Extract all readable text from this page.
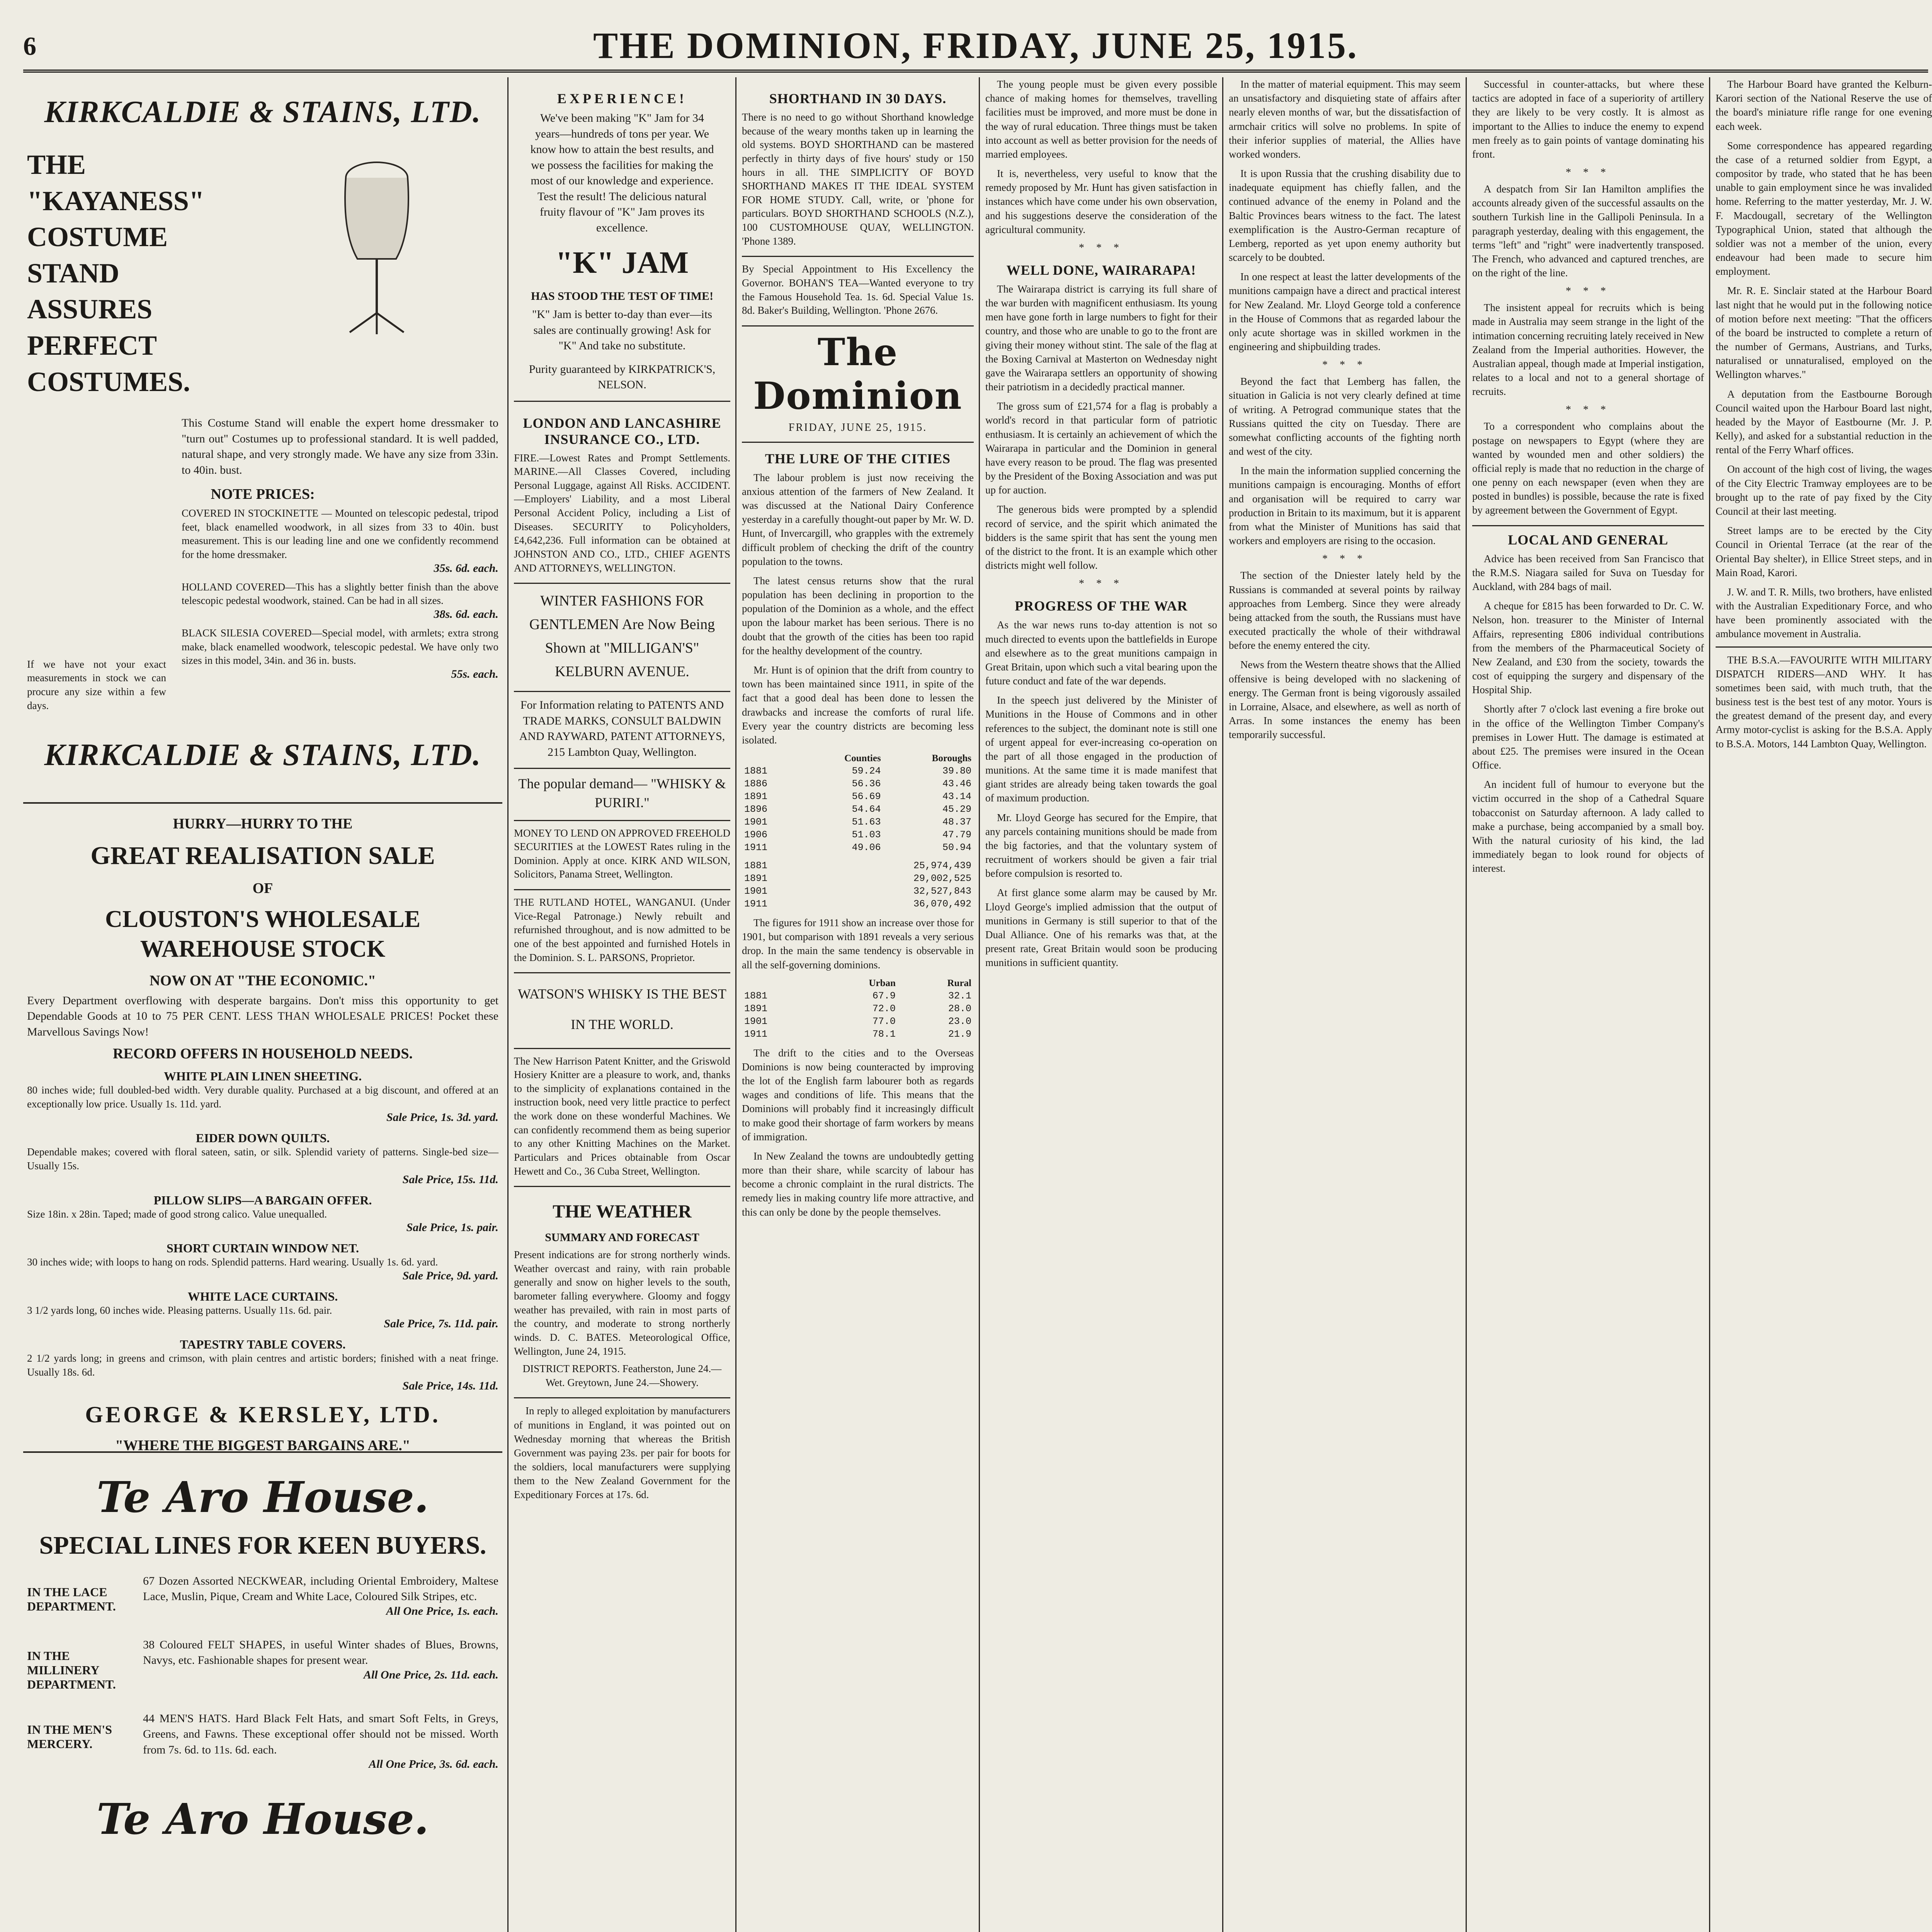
6	THE DOMINION, FRIDAY, JUNE 25, 1915.
KIRKCALDIE & STAINS, LTD.
THE "KAYANESS" COSTUME STAND ASSURES PERFECT COSTUMES.
This Costume Stand will enable the expert home dressmaker to "turn out" Costumes up to professional standard. It is well padded, natural shape, and very strongly made. We have any size from 33in. to 40in. bust.
NOTE PRICES:
COVERED IN STOCKINETTE — Mounted on telescopic pedestal, tripod feet, black enamelled woodwork, in all sizes from 33 to 40in. bust measurement. This is our leading line and one we confidently recommend for the home dressmaker.
35s. 6d. each.
HOLLAND COVERED—This has a slightly better finish than the above telescopic pedestal woodwork, stained. Can be had in all sizes.
38s. 6d. each.
BLACK SILESIA COVERED—Special model, with armlets; extra strong make, black enamelled woodwork, telescopic pedestal. We have only two sizes in this model, 34in. and 36 in. busts.
55s. each.
If we have not your exact measurements in stock we can procure any size within a few days.
KIRKCALDIE & STAINS, LTD.
HURRY—HURRY TO THE
GREAT REALISATION SALE
OF
CLOUSTON'S WHOLESALE WAREHOUSE STOCK
NOW ON AT "THE ECONOMIC."
Every Department overflowing with desperate bargains. Don't miss this opportunity to get Dependable Goods at 10 to 75 PER CENT. LESS THAN WHOLESALE PRICES! Pocket these Marvellous Savings Now!
RECORD OFFERS IN HOUSEHOLD NEEDS.
WHITE PLAIN LINEN SHEETING.
80 inches wide; full doubled-bed width. Very durable quality. Purchased at a big discount, and offered at an exceptionally low price. Usually 1s. 11d. yard.
Sale Price, 1s. 3d. yard.
EIDER DOWN QUILTS.
Dependable makes; covered with floral sateen, satin, or silk. Splendid variety of patterns. Single-bed size—Usually 15s.
Sale Price, 15s. 11d.
PILLOW SLIPS—A BARGAIN OFFER.
Size 18in. x 28in. Taped; made of good strong calico. Value unequalled.
Sale Price, 1s. pair.
SHORT CURTAIN WINDOW NET.
30 inches wide; with loops to hang on rods. Splendid patterns. Hard wearing. Usually 1s. 6d. yard.
Sale Price, 9d. yard.
WHITE LACE CURTAINS.
3 1/2 yards long, 60 inches wide. Pleasing patterns. Usually 11s. 6d. pair.
Sale Price, 7s. 11d. pair.
TAPESTRY TABLE COVERS.
2 1/2 yards long; in greens and crimson, with plain centres and artistic borders; finished with a neat fringe. Usually 18s. 6d.
Sale Price, 14s. 11d.
GEORGE & KERSLEY, LTD.
"WHERE THE BIGGEST BARGAINS ARE."
Te Aro House.
SPECIAL LINES FOR KEEN BUYERS.
IN THE LACE DEPARTMENT.
67 Dozen Assorted NECKWEAR, including Oriental Embroidery, Maltese Lace, Muslin, Pique, Cream and White Lace, Coloured Silk Stripes, etc.
All One Price, 1s. each.
IN THE MILLINERY DEPARTMENT.
38 Coloured FELT SHAPES, in useful Winter shades of Blues, Browns, Navys, etc. Fashionable shapes for present wear.
All One Price, 2s. 11d. each.
IN THE MEN'S MERCERY.
44 MEN'S HATS. Hard Black Felt Hats, and smart Soft Felts, in Greys, Greens, and Fawns. These exceptional offer should not be missed. Worth from 7s. 6d. to 11s. 6d. each.
All One Price, 3s. 6d. each.
Te Aro House.
EXPERIENCE!
We've been making "K" Jam for 34 years—hundreds of tons per year. We know how to attain the best results, and we possess the facilities for making the most of our knowledge and experience. Test the result! The delicious natural fruity flavour of "K" Jam proves its excellence.
"K" JAM
HAS STOOD THE TEST OF TIME!
"K" Jam is better to-day than ever—its sales are continually growing! Ask for "K" And take no substitute.
Purity guaranteed by KIRKPATRICK'S, NELSON.
LONDON AND LANCASHIRE INSURANCE CO., LTD.
FIRE.—Lowest Rates and Prompt Settlements. MARINE.—All Classes Covered, including Personal Luggage, against All Risks. ACCIDENT.—Employers' Liability, and a most Liberal Personal Accident Policy, including a List of Diseases. SECURITY to Policyholders, £4,642,236. Full information can be obtained at JOHNSTON AND CO., LTD., CHIEF AGENTS AND ATTORNEYS, WELLINGTON.
WINTER FASHIONS FOR GENTLEMEN Are Now Being Shown at "MILLIGAN'S" KELBURN AVENUE.
For Information relating to PATENTS AND TRADE MARKS, CONSULT BALDWIN AND RAYWARD, PATENT ATTORNEYS, 215 Lambton Quay, Wellington.
The popular demand— "WHISKY & PURIRI."
MONEY TO LEND ON APPROVED FREEHOLD SECURITIES at the LOWEST Rates ruling in the Dominion. Apply at once. KIRK AND WILSON, Solicitors, Panama Street, Wellington.
THE RUTLAND HOTEL, WANGANUI. (Under Vice-Regal Patronage.) Newly rebuilt and refurnished throughout, and is now admitted to be one of the best appointed and furnished Hotels in the Dominion. S. L. PARSONS, Proprietor.
WATSON'S WHISKY IS THE BEST IN THE WORLD.
The New Harrison Patent Knitter, and the Griswold Hosiery Knitter are a pleasure to work, and, thanks to the simplicity of explanations contained in the instruction book, need very little practice to perfect the work done on these wonderful Machines. We can confidently recommend them as being superior to any other Knitting Machines on the Market. Particulars and Prices obtainable from Oscar Hewett and Co., 36 Cuba Street, Wellington.
THE WEATHER
SUMMARY AND FORECAST
Present indications are for strong northerly winds. Weather overcast and rainy, with rain probable generally and snow on higher levels to the south, barometer falling everywhere. Gloomy and foggy weather has prevailed, with rain in most parts of the country, and moderate to strong northerly winds. D. C. BATES. Meteorological Office, Wellington, June 24, 1915.
DISTRICT REPORTS. Featherston, June 24.—Wet. Greytown, June 24.—Showery.
In reply to alleged exploitation by manufacturers of munitions in England, it was pointed out on Wednesday morning that whereas the British Government was paying 23s. per pair for boots for the soldiers, local manufacturers were supplying them to the New Zealand Government for the Expeditionary Forces at 17s. 6d.
SHORTHAND IN 30 DAYS.
There is no need to go without Shorthand knowledge because of the weary months taken up in learning the old systems. BOYD SHORTHAND can be mastered perfectly in thirty days of five hours' study or 150 hours in all. THE SIMPLICITY OF BOYD SHORTHAND MAKES IT THE IDEAL SYSTEM FOR HOME STUDY. Call, write, or 'phone for particulars. BOYD SHORTHAND SCHOOLS (N.Z.), 100 CUSTOMHOUSE QUAY, WELLINGTON. 'Phone 1389.
By Special Appointment to His Excellency the Governor. BOHAN'S TEA—Wanted everyone to try the Famous Household Tea. 1s. 6d. Special Value 1s. 8d. Baker's Building, Wellington. 'Phone 2676.
The Dominion
FRIDAY, JUNE 25, 1915.
THE LURE OF THE CITIES

The labour problem is just now receiving the anxious attention of the farmers of New Zealand. It was discussed at the National Dairy Conference yesterday in a carefully thought-out paper by Mr. W. D. Hunt, of Invercargill, who grapples with the extremely difficult problem of checking the drift of the country population to the towns.

The latest census returns show that the rural population has been declining in proportion to the population of the Dominion as a whole, and the effect upon the labour market has been serious. There is no doubt that the growth of the cities has been too rapid for the healthy development of the country.

Mr. Hunt is of opinion that the drift from country to town has been maintained since 1911, in spite of the fact that a good deal has been done to lessen the drawbacks and increase the comforts of rural life. Every year the country districts are becoming less isolated.

	Counties	Boroughs
1881	59.24	39.80
1886	56.36	43.46
1891	56.69	43.14
1896	54.64	45.29
1901	51.63	48.37
1906	51.03	47.79
1911	49.06	50.94
1881	25,974,439
1891	29,002,525
1901	32,527,843
1911	36,070,492

The figures for 1911 show an increase over those for 1901, but comparison with 1891 reveals a very serious drop. In the main the same tendency is observable in all the self-governing dominions.

	Urban	Rural
1881	67.9	32.1
1891	72.0	28.0
1901	77.0	23.0
1911	78.1	21.9

The drift to the cities and to the Overseas Dominions is now being counteracted by improving the lot of the English farm labourer both as regards wages and conditions of life. This means that the Dominions will probably find it increasingly difficult to make good their shortage of farm workers by means of immigration.

In New Zealand the towns are undoubtedly getting more than their share, while scarcity of labour has become a chronic complaint in the rural districts. The remedy lies in making country life more attractive, and this can only be done by the people themselves.

The young people must be given every possible chance of making homes for themselves, travelling facilities must be improved, and more must be done in the way of rural education. Three things must be taken into account as well as better provision for the needs of married employees.

It is, nevertheless, very useful to know that the remedy proposed by Mr. Hunt has given satisfaction in instances which have come under his own observation, and his suggestions deserve the consideration of the agricultural community.

* * *
WELL DONE, WAIRARAPA!

The Wairarapa district is carrying its full share of the war burden with magnificent enthusiasm. Its young men have gone forth in large numbers to fight for their country, and those who are unable to go to the front are giving their money without stint. The sale of the flag at the Boxing Carnival at Masterton on Wednesday night gave the Wairarapa settlers an opportunity of showing their patriotism in a decidedly practical manner.

The gross sum of £21,574 for a flag is probably a world's record in that particular form of patriotic enthusiasm. It is certainly an achievement of which the Wairarapa in particular and the Dominion in general have every reason to be proud. The flag was presented by the President of the Boxing Association and was put up for auction.

The generous bids were prompted by a splendid record of service, and the spirit which animated the bidders is the same spirit that has sent the young men of the district to the front. It is an example which other districts might well follow.

* * *
PROGRESS OF THE WAR

As the war news runs to-day attention is not so much directed to events upon the battlefields in Europe and elsewhere as to the great munitions campaign in Great Britain, upon which such a vital bearing upon the future conduct and fate of the war depends.

In the speech just delivered by the Minister of Munitions in the House of Commons and in other references to the subject, the dominant note is still one of urgent appeal for ever-increasing co-operation on the part of all those engaged in the production of munitions. At the same time it is made manifest that giant strides are already being taken towards the goal of maximum production.

Mr. Lloyd George has secured for the Empire, that any parcels containing munitions should be made from the big factories, and that the voluntary system of recruitment of workers should be given a fair trial before compulsion is resorted to.

At first glance some alarm may be caused by Mr. Lloyd George's implied admission that the output of munitions in Germany is still superior to that of the Dual Alliance. One of his remarks was that, at the present rate, Great Britain would soon be producing munitions in sufficient quantity.

In the matter of material equipment. This may seem an unsatisfactory and disquieting state of affairs after nearly eleven months of war, but the dissatisfaction of armchair critics will solve no problems. In spite of their inferior supplies of material, the Allies have worked wonders.

It is upon Russia that the crushing disability due to inadequate equipment has chiefly fallen, and the continued advance of the enemy in Poland and the Baltic Provinces bears witness to the fact. The latest exemplification is the Austro-German recapture of Lemberg, reported as yet upon enemy authority but scarcely to be doubted.

In one respect at least the latter developments of the munitions campaign have a direct and practical interest for New Zealand. Mr. Lloyd George told a conference in the House of Commons that as regarded labour the only acute shortage was in skilled workmen in the engineering and shipbuilding trades.

* * *

Beyond the fact that Lemberg has fallen, the situation in Galicia is not very clearly defined at time of writing. A Petrograd communique states that the Russians quitted the city on Tuesday. There are somewhat conflicting accounts of the fighting north and west of the city.

In the main the information supplied concerning the munitions campaign is encouraging. Months of effort and organisation will be required to carry war production in Britain to its maximum, but it is apparent from what the Minister of Munitions has said that workers and employers are rising to the occasion.

* * *

The section of the Dniester lately held by the Russians is commanded at several points by railway approaches from Lemberg. Since they were already being attacked from the south, the Russians must have executed practically the whole of their withdrawal before the enemy entered the city.

News from the Western theatre shows that the Allied offensive is being developed with no slackening of energy. The German front is being vigorously assailed in Lorraine, Alsace, and elsewhere, as well as north of Arras. In some instances the enemy has been temporarily successful.

Successful in counter-attacks, but where these tactics are adopted in face of a superiority of artillery they are likely to be very costly. It is almost as important to the Allies to induce the enemy to expend men freely as to gain points of vantage dominating his front.

* * *

A despatch from Sir Ian Hamilton amplifies the accounts already given of the successful assaults on the southern Turkish line in the Gallipoli Peninsula. In a paragraph yesterday, dealing with this engagement, the terms "left" and "right" were inadvertently transposed. The French, who advanced and captured trenches, are on the right of the line.

* * *

The insistent appeal for recruits which is being made in Australia may seem strange in the light of the intimation concerning recruiting lately received in New Zealand from the Imperial authorities. However, the Australian appeal, though made at Imperial instigation, relates to a local and not to a general shortage of recruits.

* * *

To a correspondent who complains about the postage on newspapers to Egypt (where they are wanted by wounded men and other soldiers) the official reply is made that no reduction in the charge of one penny on each newspaper (even when they are posted in bundles) is possible, because the rate is fixed by agreement between the Government of Egypt.

LOCAL AND GENERAL

Advice has been received from San Francisco that the R.M.S. Niagara sailed for Suva on Tuesday for Auckland, with 284 bags of mail.

A cheque for £815 has been forwarded to Dr. C. W. Nelson, hon. treasurer to the Minister of Internal Affairs, representing £806 individual contributions from the members of the Pharmaceutical Society of New Zealand, and £30 from the society, towards the cost of equipping the surgery and dispensary of the Hospital Ship.

Shortly after 7 o'clock last evening a fire broke out in the office of the Wellington Timber Company's premises in Lower Hutt. The damage is estimated at about £25. The premises were insured in the Ocean Office.

An incident full of humour to everyone but the victim occurred in the shop of a Cathedral Square tobacconist on Saturday afternoon. A lady called to make a purchase, being accompanied by a small boy. With the natural curiosity of his kind, the lad immediately began to look round for objects of interest.

The Harbour Board have granted the Kelburn-Karori section of the National Reserve the use of the board's miniature rifle range for one evening each week.

Some correspondence has appeared regarding the case of a returned soldier from Egypt, a compositor by trade, who stated that he has been unable to gain employment since he was invalided home. Referring to the matter yesterday, Mr. J. W. F. Macdougall, secretary of the Wellington Typographical Union, stated that although the soldier was not a member of the union, every endeavour had been made to secure him employment.

Mr. R. E. Sinclair stated at the Harbour Board last night that he would put in the following notice of motion before next meeting: "That the officers of the board be instructed to complete a return of the number of Germans, Austrians, and Turks, naturalised or unnaturalised, employed on the Wellington wharves."

A deputation from the Eastbourne Borough Council waited upon the Harbour Board last night, headed by the Mayor of Eastbourne (Mr. J. P. Kelly), and asked for a substantial reduction in the rental of the Ferry Wharf offices.

On account of the high cost of living, the wages of the City Electric Tramway employees are to be brought up to the rate of pay fixed by the City Council at their last meeting.

Street lamps are to be erected by the City Council in Oriental Terrace (at the rear of the Oriental Bay shelter), in Ellice Street steps, and in Main Road, Karori.

J. W. and T. R. Mills, two brothers, have enlisted with the Australian Expeditionary Force, and who have been prominently associated with the ambulance movement in Australia.

THE B.S.A.—FAVOURITE WITH MILITARY DISPATCH RIDERS—AND WHY. It has sometimes been said, with much truth, that the business test is the best test of any motor. Yours is the greatest demand of the present day, and every Army motor-cyclist is asking for the B.S.A. Apply to B.S.A. Motors, 144 Lambton Quay, Wellington.
